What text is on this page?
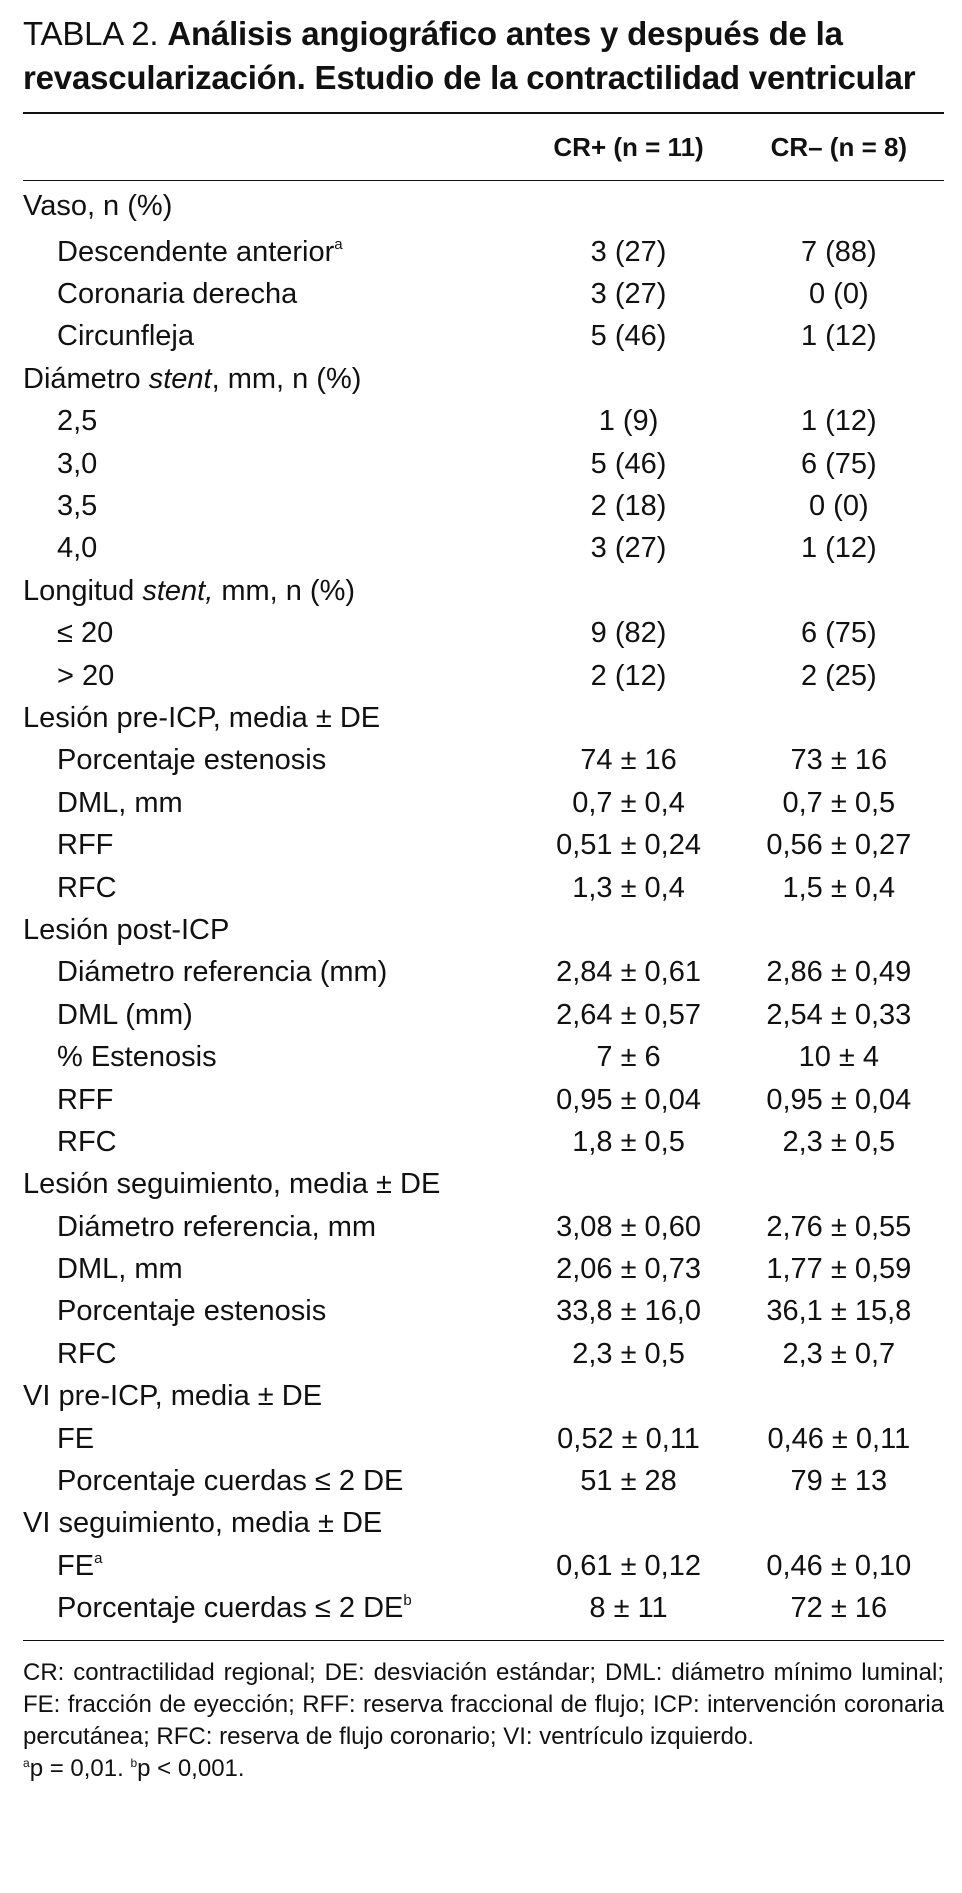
TABLA 2. Análisis angiográfico antes y después de la revascularización. Estudio de la contractilidad ventricular

	CR+ (n = 11)	CR– (n = 8)

Vaso, n (%)		
Descendente anterior$^a$	3 (27)	7 (88)
Coronaria derecha	3 (27)	0 (0)
Circunfleja	5 (46)	1 (12)
Diámetro stent, mm, n (%)		
2,5	1 (9)	1 (12)
3,0	5 (46)	6 (75)
3,5	2 (18)	0 (0)
4,0	3 (27)	1 (12)
Longitud stent, mm, n (%)		
≤ 20	9 (82)	6 (75)
> 20	2 (12)	2 (25)
Lesión pre-ICP, media ± DE		
Porcentaje estenosis	74 ± 16	73 ± 16
DML, mm	0,7 ± 0,4	0,7 ± 0,5
RFF	0,51 ± 0,24	0,56 ± 0,27
RFC	1,3 ± 0,4	1,5 ± 0,4
Lesión post-ICP		
Diámetro referencia (mm)	2,84 ± 0,61	2,86 ± 0,49
DML (mm)	2,64 ± 0,57	2,54 ± 0,33
% Estenosis	7 ± 6	10 ± 4
RFF	0,95 ± 0,04	0,95 ± 0,04
RFC	1,8 ± 0,5	2,3 ± 0,5
Lesión seguimiento, media ± DE		
Diámetro referencia, mm	3,08 ± 0,60	2,76 ± 0,55
DML, mm	2,06 ± 0,73	1,77 ± 0,59
Porcentaje estenosis	33,8 ± 16,0	36,1 ± 15,8
RFC	2,3 ± 0,5	2,3 ± 0,7
VI pre-ICP, media ± DE		
FE	0,52 ± 0,11	0,46 ± 0,11
Porcentaje cuerdas ≤ 2 DE	51 ± 28	79 ± 13
VI seguimiento, media ± DE		
$FE^a$	0,61 ± 0,12	0,46 ± 0,10
Porcentaje cuerdas ≤ 2 $DE^b$	8 ± 11	72 ± 16
CR: contractilidad regional; DE: desviación estándar; DML: diámetro mínimo luminal; FE: fracción de eyección; RFF: reserva fraccional de flujo; ICP: intervención coronaria percutánea; RFC: reserva de flujo coronario; VI: ventrículo izquierdo.
$^a$p = 0,01. $^b$p < 0,001.
